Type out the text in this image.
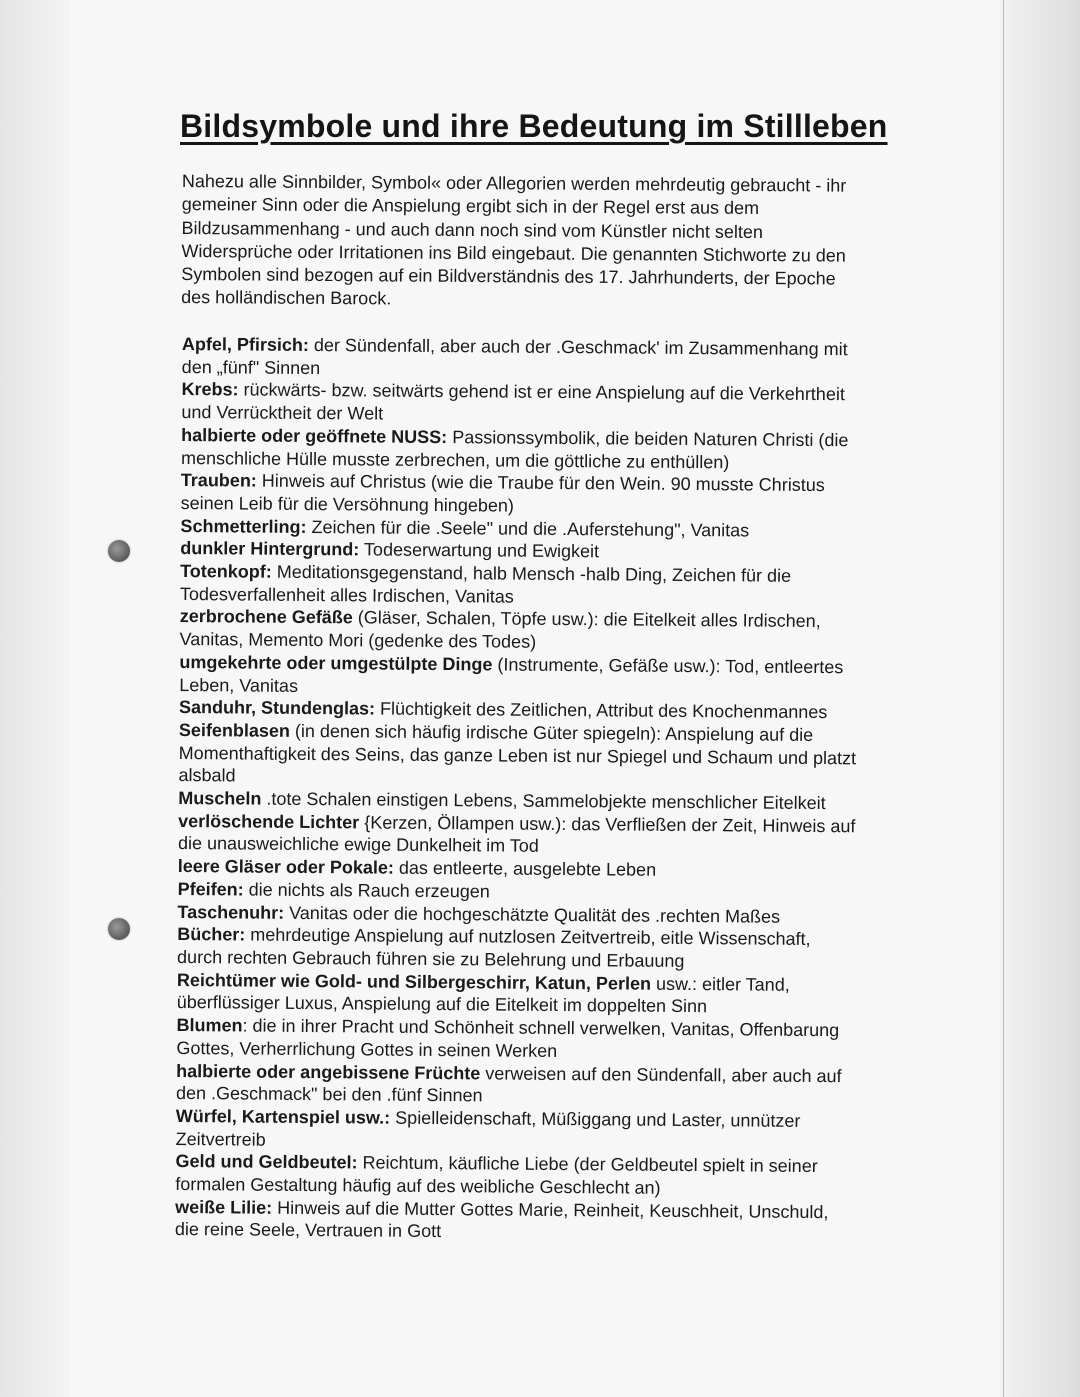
Bildsymbole und ihre Bedeutung im Stillleben
Nahezu alle Sinnbilder, Symbol« oder Allegorien werden mehrdeutig gebraucht - ihr
gemeiner Sinn oder die Anspielung ergibt sich in der Regel erst aus dem
Bildzusammenhang - und auch dann noch sind vom Künstler nicht selten
Widersprüche oder Irritationen ins Bild eingebaut. Die genannten Stichworte zu den
Symbolen sind bezogen auf ein Bildverständnis des 17. Jahrhunderts, der Epoche
des holländischen Barock.
Apfel, Pfirsich: der Sündenfall, aber auch der .Geschmack' im Zusammenhang mit
den „fünf" Sinnen
Krebs: rückwärts- bzw. seitwärts gehend ist er eine Anspielung auf die Verkehrtheit
und Verrücktheit der Welt
halbierte oder geöffnete NUSS: Passionssymbolik, die beiden Naturen Christi (die
menschliche Hülle musste zerbrechen, um die göttliche zu enthüllen)
Trauben: Hinweis auf Christus (wie die Traube für den Wein. 90 musste Christus
seinen Leib für die Versöhnung hingeben)
Schmetterling: Zeichen für die .Seele" und die .Auferstehung", Vanitas
dunkler Hintergrund: Todeserwartung und Ewigkeit
Totenkopf: Meditationsgegenstand, halb Mensch -halb Ding, Zeichen für die
Todesverfallenheit alles Irdischen, Vanitas
zerbrochene Gefäße (Gläser, Schalen, Töpfe usw.): die Eitelkeit alles Irdischen,
Vanitas, Memento Mori (gedenke des Todes)
umgekehrte oder umgestülpte Dinge (Instrumente, Gefäße usw.): Tod, entleertes
Leben, Vanitas
Sanduhr, Stundenglas: Flüchtigkeit des Zeitlichen, Attribut des Knochenmannes
Seifenblasen (in denen sich häufig irdische Güter spiegeln): Anspielung auf die
Momenthaftigkeit des Seins, das ganze Leben ist nur Spiegel und Schaum und platzt
alsbald
Muscheln .tote Schalen einstigen Lebens, Sammelobjekte menschlicher Eitelkeit
verlöschende Lichter {Kerzen, Öllampen usw.): das Verfließen der Zeit, Hinweis auf
die unausweichliche ewige Dunkelheit im Tod
leere Gläser oder Pokale: das entleerte, ausgelebte Leben
Pfeifen: die nichts als Rauch erzeugen
Taschenuhr: Vanitas oder die hochgeschätzte Qualität des .rechten Maßes
Bücher: mehrdeutige Anspielung auf nutzlosen Zeitvertreib, eitle Wissenschaft,
durch rechten Gebrauch führen sie zu Belehrung und Erbauung
Reichtümer wie Gold- und Silbergeschirr, Katun, Perlen usw.: eitler Tand,
überflüssiger Luxus, Anspielung auf die Eitelkeit im doppelten Sinn
Blumen: die in ihrer Pracht und Schönheit schnell verwelken, Vanitas, Offenbarung
Gottes, Verherrlichung Gottes in seinen Werken
halbierte oder angebissene Früchte verweisen auf den Sündenfall, aber auch auf
den .Geschmack" bei den .fünf Sinnen
Würfel, Kartenspiel usw.: Spielleidenschaft, Müßiggang und Laster, unnützer
Zeitvertreib
Geld und Geldbeutel: Reichtum, käufliche Liebe (der Geldbeutel spielt in seiner
formalen Gestaltung häufig auf des weibliche Geschlecht an)
weiße Lilie: Hinweis auf die Mutter Gottes Marie, Reinheit, Keuschheit, Unschuld,
die reine Seele, Vertrauen in Gott
